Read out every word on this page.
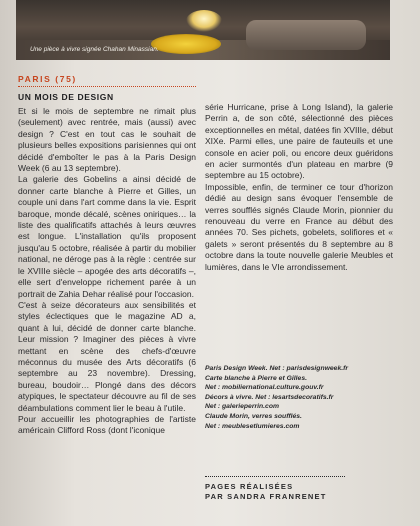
Une pièce à vivre signée Chahan Minassian.
PARIS (75)
UN MOIS DE DESIGN

Et si le mois de septembre ne rimait plus (seulement) avec rentrée, mais (aussi) avec design ? C'est en tout cas le souhait de plusieurs belles expositions parisiennes qui ont décidé d'emboîter le pas à la Paris Design Week (6 au 13 septembre).

La galerie des Gobelins a ainsi décidé de donner carte blanche à Pierre et Gilles, un couple uni dans l'art comme dans la vie. Esprit baroque, monde décalé, scènes oniriques… la liste des qualificatifs attachés à leurs œuvres est longue. L'installation qu'ils proposent jusqu'au 5 octobre, réalisée à partir du mobilier national, ne déroge pas à la règle : centrée sur le XVIIIe siècle – apogée des arts décoratifs –, elle sert d'enveloppe richement parée à un portrait de Zahia Dehar réalisé pour l'occasion.

C'est à seize décorateurs aux sensibilités et styles éclectiques que le magazine AD a, quant à lui, décidé de donner carte blanche. Leur mission ? Imaginer des pièces à vivre mettant en scène des chefs-d'œuvre méconnus du musée des Arts décoratifs (6 septembre au 23 novembre). Dressing, bureau, boudoir… Plongé dans des décors atypiques, le spectateur découvre au fil de ses déambulations comment lier le beau à l'utile.

Pour accueillir les photographies de l'artiste américain Clifford Ross (dont l'iconique

série Hurricane, prise à Long Island), la galerie Perrin a, de son côté, sélectionné des pièces exceptionnelles en métal, datées fin XVIIIe, début XIXe. Parmi elles, une paire de fauteuils et une console en acier poli, ou encore deux guéridons en acier surmontés d'un plateau en marbre (9 septembre au 15 octobre).

Impossible, enfin, de terminer ce tour d'horizon dédié au design sans évoquer l'ensemble de verres soufflés signés Claude Morin, pionnier du renouveau du verre en France au début des années 70. Ses pichets, gobelets, solifiores et « galets » seront présentés du 8 septembre au 8 octobre dans la toute nouvelle galerie Meubles et lumières, dans le VIe arrondissement.

Paris Design Week. Net : parisdesignweek.fr
Carte blanche à Pierre et Gilles.
Net : mobiliernational.culture.gouv.fr
Décors à vivre. Net : lesartsdecoratifs.fr
Net : galerieperrin.com
Claude Morin, verres soufflés.
Net : meublesetlumieres.com
PAGES RÉALISÉES
PAR SANDRA FRANRENET
